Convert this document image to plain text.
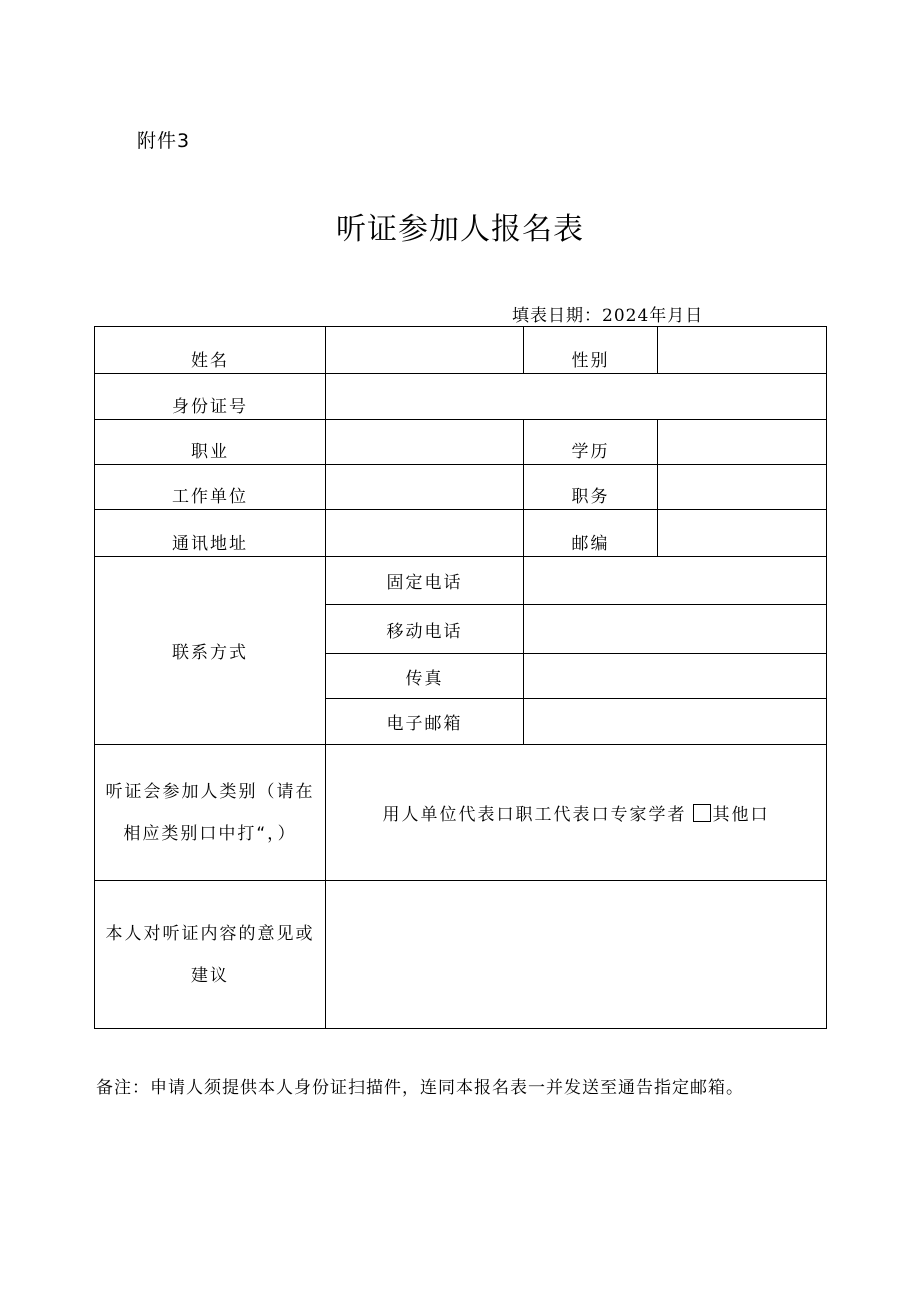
附件3
听证参加人报名表
填表日期：2024年月日
姓名		性别	
身份证号			
职业		学历	
工作单位		职务	
通讯地址		邮编	
联系方式	固定电话		
	移动电话		
	传真		
	电子邮箱		

听证会参加人类别（请在
相应类别口中打“，）	用人单位代表口职工代表口专家学者 其他口		

本人对听证内容的意见或
建议			

备注：申请人须提供本人身份证扫描件，连同本报名表一并发送至通告指定邮箱。
